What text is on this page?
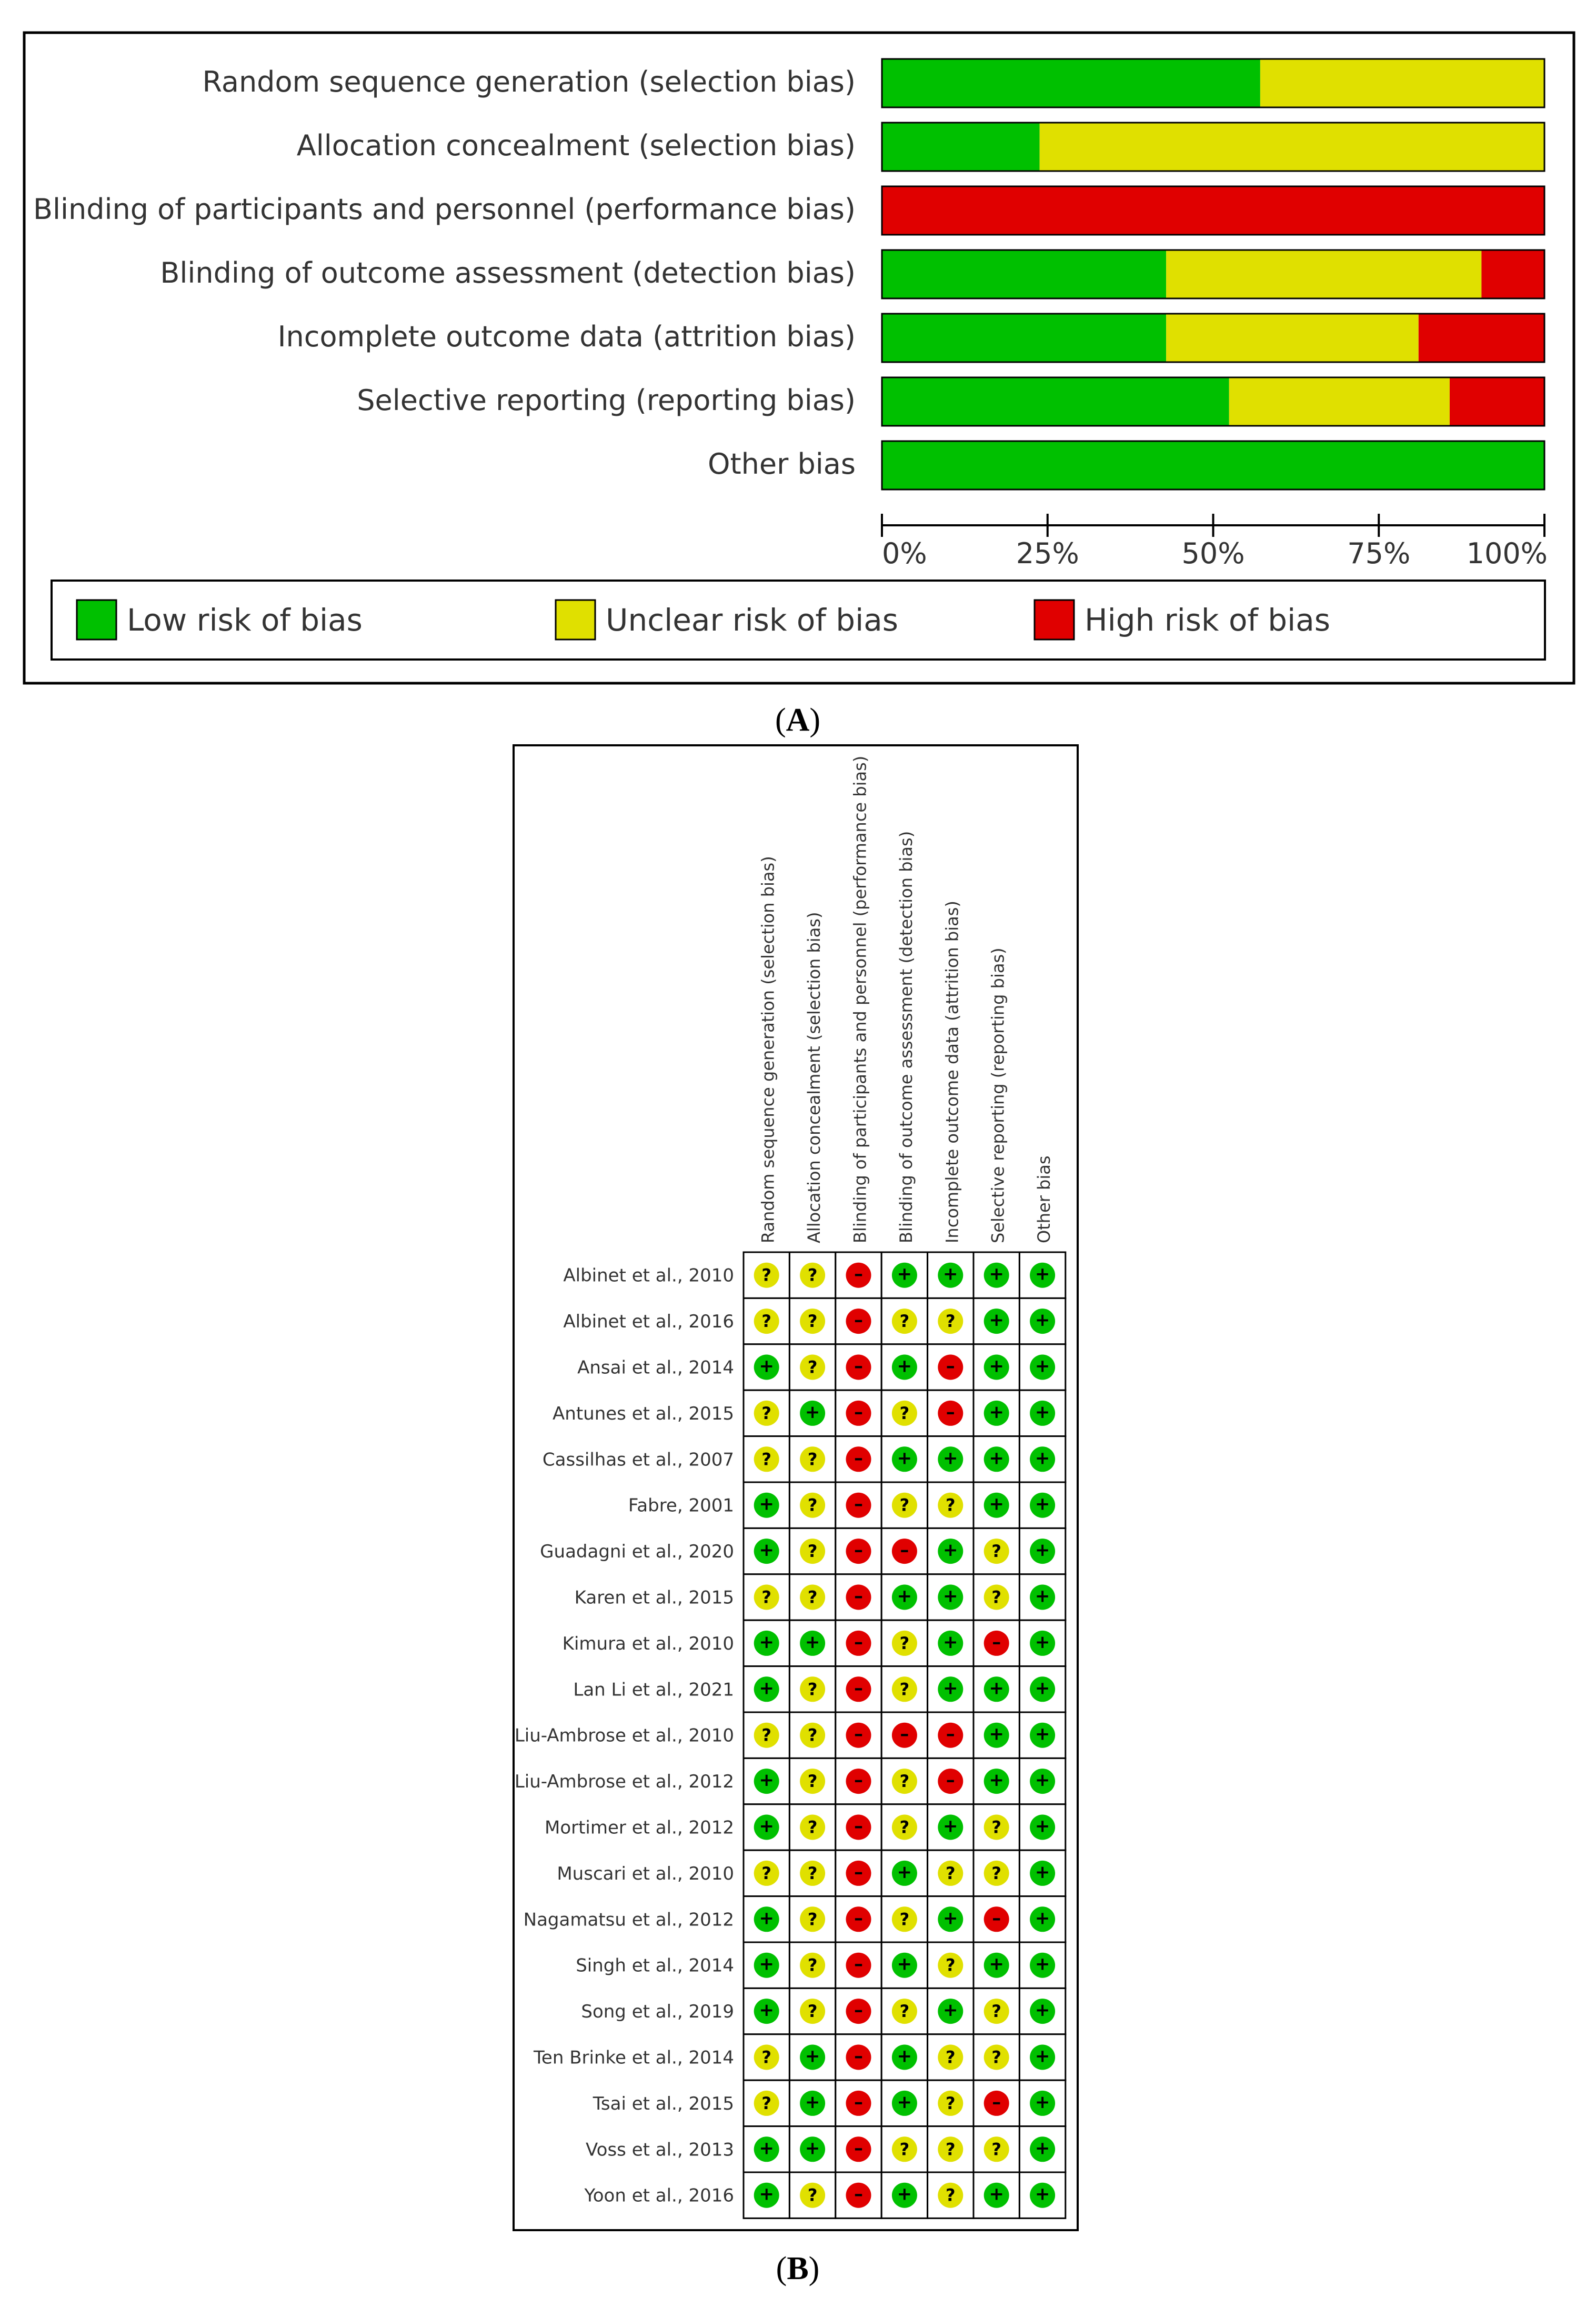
Random sequence generation (selection bias)
Allocation concealment (selection bias)
Blinding of participants and personnel (performance bias)
Blinding of outcome assessment (detection bias)
Incomplete outcome data (attrition bias)
Selective reporting (reporting bias)
Other bias
0%	25%	50%	75% 100%
Low risk of bias	Unclear risk of bias	High risk of bias
(A)
Random sequence generation (selection bias) Allocation concealment (selection bias) Blinding of participants and personnel (performance bias) Blinding of outcome assessment (detection bias) Incomplete outcome data (attrition bias) Selective reporting (reporting bias) Other bias
Albinet et al., 2010 ? ? – + + + +
Albinet et al., 2016 ? ? – ? ? + +
Ansai et al., 2014 + ? – + – + +
Antunes et al., 2015 ? + – ? – + +
Cassilhas et al., 2007 ? ? – + + + +
Fabre, 2001 + ? – ? ? + +
Guadagni et al., 2020 + ? – – + ? +
Karen et al., 2015 ? ? – + + ? +
Kimura et al., 2010 + + – ? + – +
Lan Li et al., 2021 + ? – ? + + +
Liu-Ambrose et al., 2010 ? ? – – – + +
Liu-Ambrose et al., 2012 + ? – ? – + +
Mortimer et al., 2012 + ? – ? + ? +
Muscari et al., 2010 ? ? – + ? ? +
Nagamatsu et al., 2012 + ? – ? + – +
Singh et al., 2014 + ? – + ? + +
Song et al., 2019 + ? – ? + ? +
Ten Brinke et al., 2014 ? + – + ? ? +
Tsai et al., 2015 ? + – + ? – +
Voss et al., 2013 + + – ? ? ? +
Yoon et al., 2016 + ? – + ? + +
(B)
